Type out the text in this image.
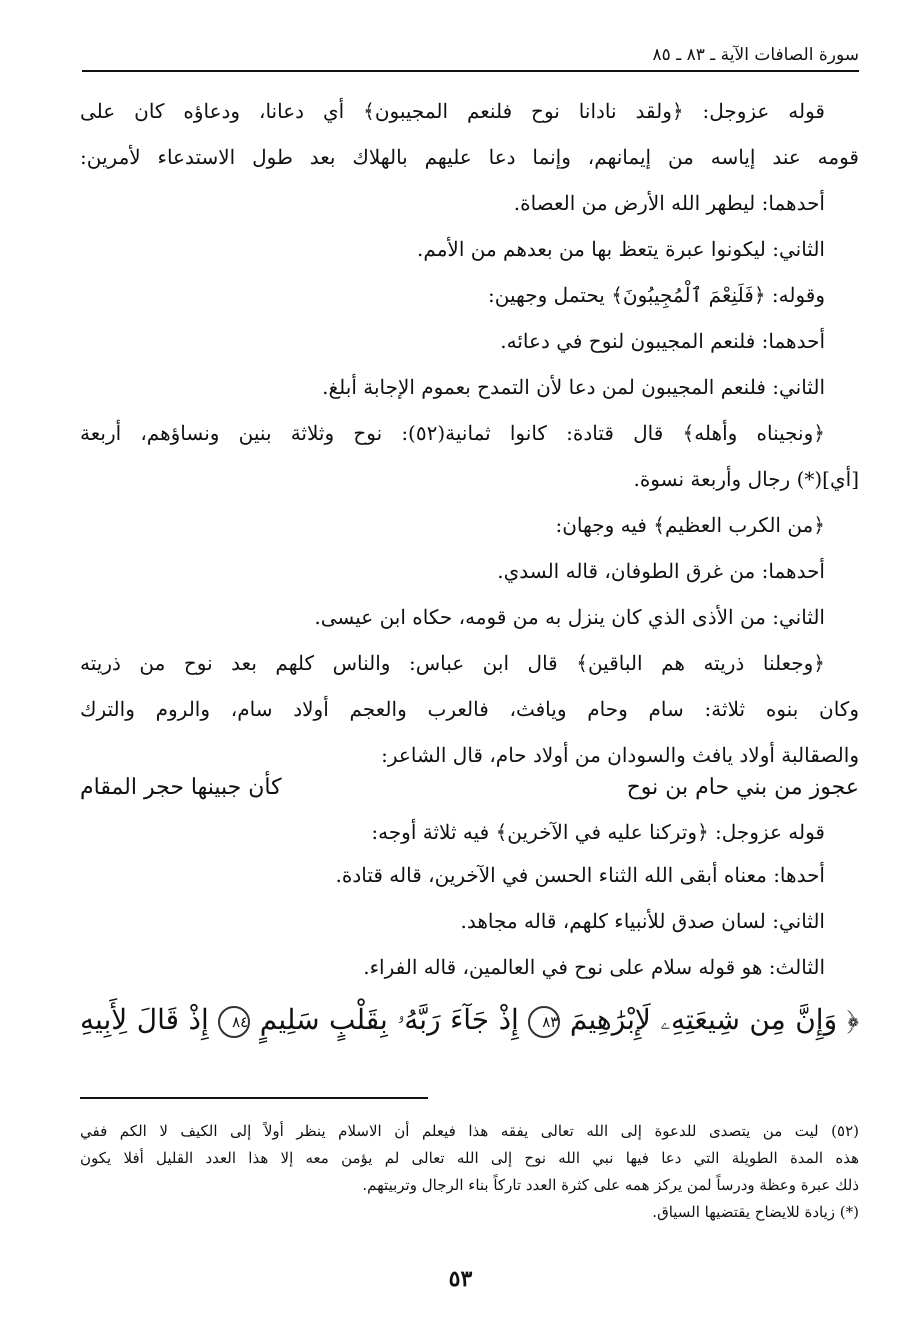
سورة الصافات الآية ـ ٨٣ ـ ٨٥
قوله عزوجل: ﴿ولقد نادانا نوح فلنعم المجيبون﴾ أي دعانا، ودعاؤه كان على
قومه عند إياسه من إيمانهم، وإنما دعا عليهم بالهلاك بعد طول الاستدعاء لأمرين:
أحدهما: ليطهر الله الأرض من العصاة.
الثاني: ليكونوا عبرة يتعظ بها من بعدهم من الأمم.
وقوله: ﴿فَلَنِعْمَ ٱلْمُجِيبُونَ﴾ يحتمل وجهين:
أحدهما: فلنعم المجيبون لنوح في دعائه.
الثاني: فلنعم المجيبون لمن دعا لأن التمدح بعموم الإجابة أبلغ.
﴿ونجيناه وأهله﴾ قال قتادة: كانوا ثمانية(٥٢): نوح وثلاثة بنين ونساؤهم، أربعة
[أي](*) رجال وأربعة نسوة.
﴿من الكرب العظيم﴾ فيه وجهان:
أحدهما: من غرق الطوفان، قاله السدي.
الثاني: من الأذى الذي كان ينزل به من قومه، حكاه ابن عيسى.
﴿وجعلنا ذريته هم الباقين﴾ قال ابن عباس: والناس كلهم بعد نوح من ذريته
وكان بنوه ثلاثة: سام وحام ويافث، فالعرب والعجم أولاد سام، والروم والترك
والصقالبة أولاد يافث والسودان من أولاد حام، قال الشاعر:
عجوز من بني حام بن نوح
كأن جبينها حجر المقام
قوله عزوجل: ﴿وتركنا عليه في الآخرين﴾ فيه ثلاثة أوجه:
أحدها: معناه أبقى الله الثناء الحسن في الآخرين، قاله قتادة.
الثاني: لسان صدق للأنبياء كلهم، قاله مجاهد.
الثالث: هو قوله سلام على نوح في العالمين، قاله الفراء.
﴿ وَإِنَّ مِن شِيعَتِهِۦ لَإِبْرَٰهِيمَ ٨٣ إِذْ جَآءَ رَبَّهُۥ بِقَلْبٍ سَلِيمٍ ٨٤ إِذْ قَالَ لِأَبِيهِ
(٥٢) ليت من يتصدى للدعوة إلى الله تعالى يفقه هذا فيعلم أن الاسلام ينظر أولاً إلى الكيف لا الكم ففي
هذه المدة الطويلة التي دعا فيها نبي الله نوح إلى الله تعالى لم يؤمن معه إلا هذا العدد القليل أفلا يكون
ذلك عبرة وعظة ودرساً لمن يركز همه على كثرة العدد تاركاً بناء الرجال وتربيتهم.
(*) زيادة للايضاح يقتضيها السياق.
٥٣
